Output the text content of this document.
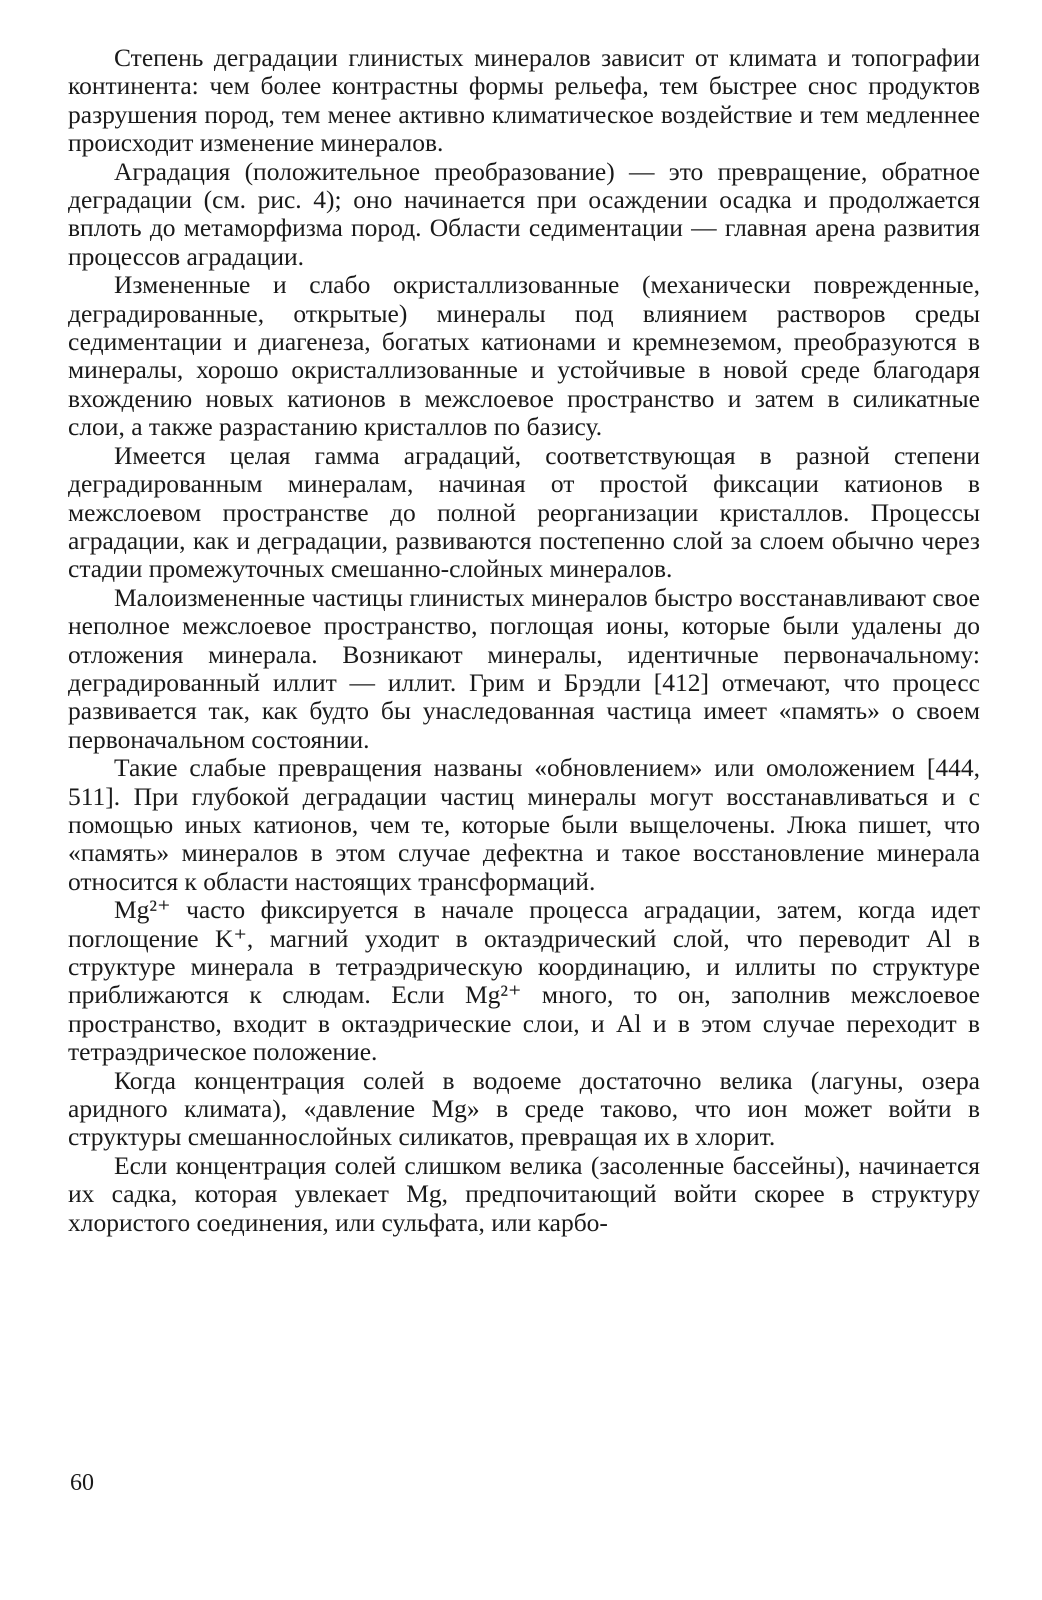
Степень деградации глинистых минералов зависит от климата и топографии континента: чем более контрастны формы рельефа, тем быстрее снос продуктов разрушения пород, тем менее активно климатическое воздействие и тем медленнее происходит изменение минералов.

Аградация (положительное преобразование) — это превращение, обратное деградации (см. рис. 4); оно начинается при осаждении осадка и продолжается вплоть до метаморфизма пород. Области седиментации — главная арена развития процессов аградации.

Измененные и слабо окристаллизованные (механически поврежденные, деградированные, открытые) минералы под влиянием растворов среды седиментации и диагенеза, богатых катионами и кремнеземом, преобразуются в минералы, хорошо окристаллизованные и устойчивые в новой среде благодаря вхождению новых катионов в межслоевое пространство и затем в силикатные слои, а также разрастанию кристаллов по базису.

Имеется целая гамма аградаций, соответствующая в разной степени деградированным минералам, начиная от простой фиксации катионов в межслоевом пространстве до полной реорганизации кристаллов. Процессы аградации, как и деградации, развиваются постепенно слой за слоем обычно через стадии промежуточных смешанно-слойных минералов.

Малоизмененные частицы глинистых минералов быстро восстанавливают свое неполное межслоевое пространство, поглощая ионы, которые были удалены до отложения минерала. Возникают минералы, идентичные первоначальному: деградированный иллит — иллит. Грим и Брэдли [412] отмечают, что процесс развивается так, как будто бы унаследованная частица имеет «память» о своем первоначальном состоянии.

Такие слабые превращения названы «обновлением» или омоложением [444, 511]. При глубокой деградации частиц минералы могут восстанавливаться и с помощью иных катионов, чем те, которые были выщелочены. Люка пишет, что «память» минералов в этом случае дефектна и такое восстановление минерала относится к области настоящих трансформаций.

Mg²⁺ часто фиксируется в начале процесса аградации, затем, когда идет поглощение K⁺, магний уходит в октаэдрический слой, что переводит Al в структуре минерала в тетраэдрическую координацию, и иллиты по структуре приближаются к слюдам. Если Mg²⁺ много, то он, заполнив межслоевое пространство, входит в октаэдрические слои, и Al и в этом случае переходит в тетраэдрическое положение.

Когда концентрация солей в водоеме достаточно велика (лагуны, озера аридного климата), «давление Mg» в среде таково, что ион может войти в структуры смешаннослойных силикатов, превращая их в хлорит.

Если концентрация солей слишком велика (засоленные бассейны), начинается их садка, которая увлекает Mg, предпочитающий войти скорее в структуру хлористого соединения, или сульфата, или карбо-

60
